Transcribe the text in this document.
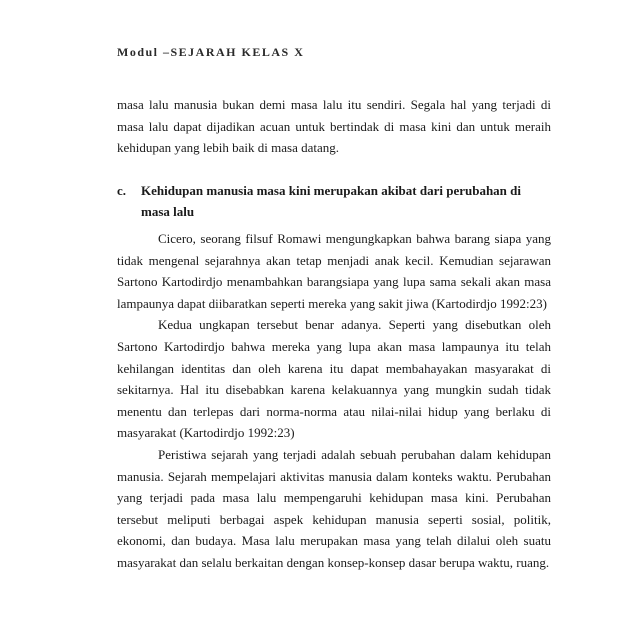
Modul –SEJARAH KELAS X

masa lalu manusia bukan demi masa lalu itu sendiri. Segala hal yang terjadi di masa lalu dapat dijadikan acuan untuk bertindak di masa kini dan untuk meraih kehidupan yang lebih baik di masa datang.

c.	Kehidupan manusia masa kini merupakan akibat dari perubahan di masa lalu

Cicero, seorang filsuf Romawi mengungkapkan bahwa barang siapa yang tidak mengenal sejarahnya akan tetap menjadi anak kecil. Kemudian sejarawan Sartono Kartodirdjo menambahkan barangsiapa yang lupa sama sekali akan masa lampaunya dapat diibaratkan seperti mereka yang sakit jiwa (Kartodirdjo 1992:23)

Kedua ungkapan tersebut benar adanya. Seperti yang disebutkan oleh Sartono Kartodirdjo bahwa mereka yang lupa akan masa lampaunya itu telah kehilangan identitas dan oleh karena itu dapat membahayakan masyarakat di sekitarnya. Hal itu disebabkan karena kelakuannya yang mungkin sudah tidak menentu dan terlepas dari norma-norma atau nilai-nilai hidup yang berlaku di masyarakat (Kartodirdjo 1992:23)

Peristiwa sejarah yang terjadi adalah sebuah perubahan dalam kehidupan manusia. Sejarah mempelajari aktivitas manusia dalam konteks waktu. Perubahan yang terjadi pada masa lalu mempengaruhi kehidupan masa kini. Perubahan tersebut meliputi berbagai aspek kehidupan manusia seperti sosial, politik, ekonomi, dan budaya. Masa lalu merupakan masa yang telah dilalui oleh suatu masyarakat dan selalu berkaitan dengan konsep-konsep dasar berupa waktu, ruang.
